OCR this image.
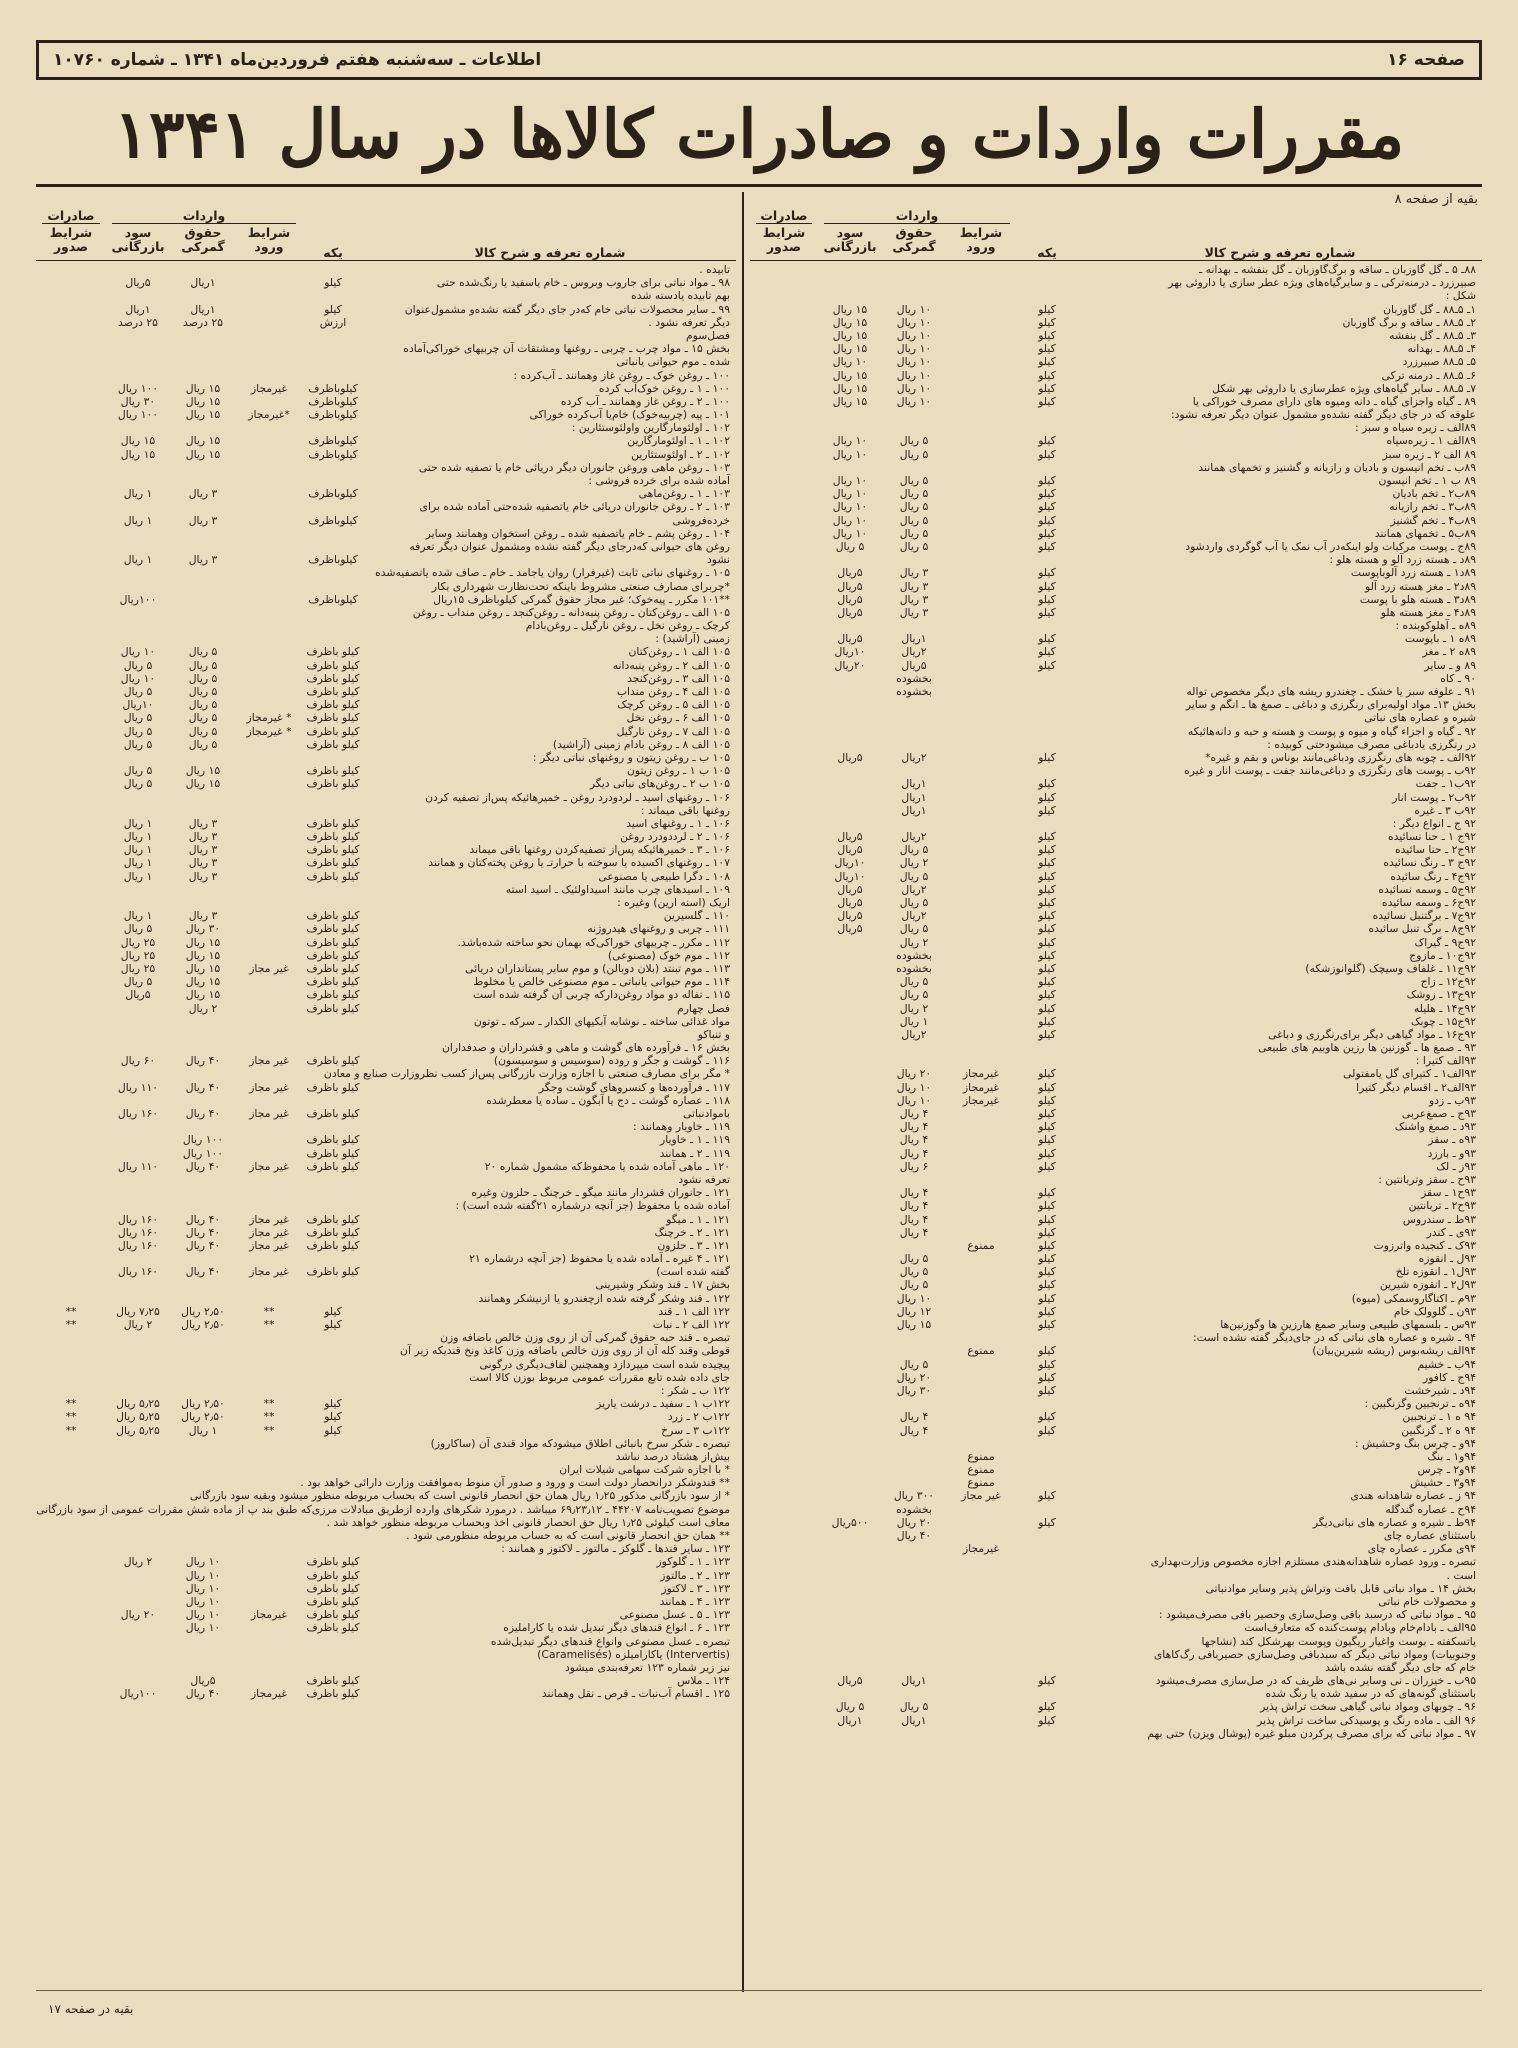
صفحه ۱۶
اطلاعات ـ سه‌شنبه هفتم فروردین‌ماه ۱۳۴۱ ـ شماره ۱۰۷۶۰
مقررات واردات و صادرات کالاها در سال ۱۳۴۱
بقیه از صفحه ۸
شماره تعرفه و شرح کالا
یکه
واردات
شرایط ورود
حقوق گمرکی
سود بازرگانی
صادرات
شرایط صدور
۸۸ـ ۵ ـ گل گاوزبان ـ ساقه و برگ‌گاوزبان ـ گل بنفشه ـ بهدانه ـ
صبیرزرد ـ درمنه‌ترکی ـ و سایرگیاه‌های ویژه عطر سازی یا داروئی بهر
شکل :
۱ـ ۵ـ۸۸ ـ گل گاوزبان
کیلو
۱۰ ریال
۱۵ ریال
۲ـ ۵ـ۸۸ ـ ساقه و برگ گاوزبان
کیلو
۱۰ ریال
۱۵ ریال
۳ـ ۵ـ۸۸ ـ گل بنفشه
کیلو
۱۰ ریال
۱۵ ریال
۴ـ ۵ـ۸۸ ـ بهدانه
کیلو
۱۰ ریال
۱۵ ریال
۵ـ ۵ـ۸۸ صبیرزرد
کیلو
۱۰ ریال
۱۰ ریال
۶ـ ۵ـ۸۸ ـ درمنه ترکی
کیلو
۱۰ ریال
۱۵ ریال
۷ـ ۵ـ۸۸ ـ سایر گیاه‌های ویژه عطرسازی یا داروئی بهر شکل
کیلو
۱۰ ریال
۱۵ ریال
۸۹ ـ گیاه واجزای گیاه ـ دانه ومیوه های دارای مصرف خوراکی یا
کیلو
۱۰ ریال
۱۵ ریال
علوفه که در جای دیگر گفته نشده‌و مشمول عنوان دیگر تعرفه نشود:
۸۹الف ـ زیره سیاه و سبز :
۸۹الف ۱ ـ زیره‌سیاه
کیلو
۵ ریال
۱۰ ریال
۸۹ الف ۲ ـ زیره سبز
کیلو
۵ ریال
۱۰ ریال
۸۹ب ـ تخم انیسون و بادیان و رازیانه و گشنیز و تخمهای همانند
۸۹ ب ۱ ـ تخم انیسون
کیلو
۵ ریال
۱۰ ریال
۸۹ب۲ ـ تخم بادیان
کیلو
۵ ریال
۱۰ ریال
۸۹ب۳ ـ تخم رازیانه
کیلو
۵ ریال
۱۰ ریال
۸۹ب۴ ـ تخم گشنیز
کیلو
۵ ریال
۱۰ ریال
۸۹ب۵ ـ تخمهای همانند
کیلو
۵ ریال
۱۰ ریال
۸۹ج ـ پوست مرکبات ولو اینکه‌در آب نمک یا آب گوگردی واردشود
کیلو
۵ ریال
۵ ریال
۸۹د ـ هسته زرد آلو و هسته هلو :
۸۹د۱ ـ هسته زرد آلوباپوست
کیلو
۳ ریال
۵ریال
۸۹د۲ ـ مغز هسته زرد آلو
کیلو
۳ ریال
۵ریال
۸۹د۳ ـ هسته هلو با پوست
کیلو
۳ ریال
۵ریال
۸۹د۴ ـ مغز هسته هلو
کیلو
۳ ریال
۵ریال
۸۹ه ـ آهلوکوبنده :
۸۹ه ۱ ـ باپوست
کیلو
۱ریال
۵ریال
۸۹ه ۲ ـ مغز
کیلو
۲ریال
۱۰ریال
۸۹ و ـ سایر
کیلو
۵ریال
۲۰ریال
۹۰ ـ کاه
بخشوده
۹۱ ـ علوفه سبز یا خشک ـ چغندرو ریشه های دیگر مخصوص تواله
بخشوده
بخش ۱۳ـ مواد اولیه‌برای رنگرزی و دباغی ـ صمغ ها ـ انگم و سایر
شیره و عصاره های نباتی
۹۲ ـ گیاه و اجزاء گیاه و میوه و پوست و هسته و حبه و دانه‌هائیکه
در رنگرزی یادباغی مصرف میشودحتی کوبیده :
۹۲الف ـ چوبه های رنگرزی ودباغی‌مانند بوناس و بقم و غیره*
کیلو
۲ریال
۵ریال
۹۲ب ـ پوست های رنگرزی و دباغی‌مانند جفت ـ پوست انار و غیره
۹۲ب۱ ـ جفت
کیلو
۱ریال
۹۲ب۲ ـ پوست انار
کیلو
۱ریال
۹۲ب ۳ ـ غیره
کیلو
۱ریال
۹۲ ج ـ انواع دیگر :
۹۲ج ۱ ـ حنا نسائیده
کیلو
۲ریال
۵ریال
۹۲ج۲ ـ حنا سائیده
کیلو
۵ ریال
۵ریال
۹۲ج ۳ ـ رنگ نسائیده
کیلو
۲ ریال
۱۰ریال
۹۲ج۴ ـ رنگ سائیده
کیلو
۵ ریال
۱۰ریال
۹۲ج۵ ـ وسمه نسائیده
کیلو
۲ریال
۵ریال
۹۲ج۶ ـ وسمه سائیده
کیلو
۵ ریال
۵ریال
۹۲ج۷ ـ برگتنبل نسائیده
کیلو
۲ریال
۵ریال
۹۲ج۸ ـ برگ تنبل سائیده
کیلو
۵ ریال
۵ریال
۹۲ج۹ ـ گیراک
کیلو
۲ ریال
۹۲ج۱۰ ـ مازوج
کیلو
بخشوده
۹۲ج۱۱ ـ غلفاف وسیچک (گلوانوزشکه)
کیلو
بخشوده
۹۲ج۱۲ ـ زاج
کیلو
۵ ریال
۹۲ج۱۳ ـ زوشک
کیلو
۵ ریال
۹۲ج۱۴ ـ هلیله
کیلو
۲ ریال
۹۲ج۱۵ ـ چوبک
کیلو
۱ ریال
۹۲ج۱۶ ـ مواد گیاهی دیگر برای‌رنگرزی و دباغی
کیلو
۲ریال
۹۳ ـ صمغ ها ـ گوزنین ها رزین هاوبیم های طبیعی
۹۳الف کتیرا :
۹۳الف۱ ـ کتیرای گل یامفتولی
کیلو
غیرمجاز
۲۰ ریال
۹۳الف۲ ـ اقسام دیگر کتیرا
کیلو
غیرمجاز
۱۰ ریال
۹۳ب ـ زدو
کیلو
غیرمجاز
۱۰ ریال
۹۳ج ـ صمغ‌عربی
کیلو
۴ ریال
۹۳د ـ صمغ واشنک
کیلو
۴ ریال
۹۳ه ـ سقز
کیلو
۴ ریال
۹۳و ـ بارزد
کیلو
۴ ریال
۹۳ز ـ لک
کیلو
۶ ریال
۹۳ح ـ سقز وتربانتین :
۹۳ح۱ ـ سقز
کیلو
۴ ریال
۹۳ح۲ ـ تربانتین
کیلو
۴ ریال
۹۳ط ـ سندروس
کیلو
۴ ریال
۹۳ی ـ کندر
کیلو
۴ ریال
۹۳ک ـ کنجیده واترزوت
کیلو
ممنوع
۹۳ل ـ انقوزه
کیلو
۵ ریال
۹۳ل۱ ـ انقوزه تلخ
کیلو
۵ ریال
۹۳ل۲ ـ انقوزه شیرین
کیلو
۵ ریال
۹۳م ـ اکتاگاروسمکی (میوه)
کیلو
۱۰ ریال
۹۳ن ـ گلوولک خام
کیلو
۱۲ ریال
۹۳س ـ بلسمهای طبیعی وسایر صمغ ها‌رزین ها وگوزنین‌ها
کیلو
۱۵ ریال
۹۴ ـ شیره و عصاره های نباتی که در جای‌دیگر گفته نشده است:
۹۴الف ریشه‌بوس (ریشه شیرین‌بیان)
کیلو
ممنوع
۹۴ب ـ خشیم
کیلو
۵ ریال
۹۴ج ـ کافور
کیلو
۲۰ ریال
۹۴د ـ شیرخشت
کیلو
۳۰ ریال
۹۴ه ـ ترنجبین وگزنگبین :
۹۴ ه ۱ ـ ترنجبین
کیلو
۴ ریال
۹۴ ه ۲ ـ گزنگبین
کیلو
۴ ریال
۹۴و ـ چرس بنگ وحشیش :
۹۴و۱ ـ بنگ
ممنوع
۹۴و۲ ـ چرس
ممنوع
۹۴و۳ ـ حشیش
ممنوع
۹۴ ز ـ عصاره شاهدانه هندی
کیلو
غیر مجاز
۳۰۰ ریال
۹۴ح ـ عصاره گندگله
بخشوده
۹۴ط ـ شیره و عصاره های نباتی‌دیگر
کیلو
۲۰ ریال
۵۰۰ریال
باستثنای عصاره چای
۴۰ ریال
۹۴ی مکرر ـ عصاره چای
غیرمجاز
تبصره ـ ورود عصاره شاهدانه‌هندی مستلزم اجازه مخصوص وزارت‌بهداری
است .
بخش ۱۴ ـ مواد نباتی قابل بافت وتراش پذیر وسایر موادنباتی
و محصولات خام نباتی
۹۵ ـ مواد نباتی که درسبد بافی وصل‌سازی وحصیر بافی مصرف‌میشود :
۹۵الف ـ بادام‌خام وبادام ‌پوست‌کنده که متعارف‌است
یاتسکفته ـ بوست واغیار ریگیون وپوست بهرشکل کند (نشاجها
وجنوبیات) ومواد نباتی دیگر که سبدبافی وصل‌سازی حصیربافی رگ‌کاهای
خام که جای دیگر گفته نشده باشد
۹۵ب ـ خیزران ـ نی وسایر نی‌های ظریف که در صل‌سازی مصرف‌میشود
کیلو
۱ریال
۵ریال
باستثنای گونه‌ها‌ی که در سفید شده یا رنگ شده
۹۶ ـ چوبهای ومواد نباتی گیاهی سخت تراش پذیر
کیلو
۵ ریال
۵ ریال
۹۶ الف ـ ماده رنگ و پوسیدکی ساخت تراش پذیر
کیلو
۱ریال
۱ریال
۹۷ ـ مواد نباتی که برای مصرف پرکردن مبلو غیره (پوشال ویزن) حتی بهم
شماره تعرفه و شرح کالا
یکه
واردات
شرایط ورود
حقوق گمرکی
سود بازرگانی
صادرات
شرایط صدور
تابیده .
۹۸ ـ مواد نباتی برای جاروب وبروس ـ خام یاسفید یا رنگ‌شده حتی
کیلو
۱ریال
۵ریال
بهم تابیده یادسته شده
۹۹ ـ سایر محصولات نباتی خام که‌در جای دیگر گفته نشده‌و مشمول‌عنوان
کیلو
۱ریال
۱ریال
دیگر تعرفه نشود .
ارزش
۲۵ درصد
۲۵ درصد
فصل‌سوم
بخش ۱۵ ـ مواد چرب ـ چربی ‌ـ روغنها ومشتقات آن چربیهای خوراکی‌آماده
شده ـ موم حیوانی یانباتی
۱۰۰ ـ روغن خوک ـ روغن غاز وهمانند ـ آب‌کرده :
۱۰۰ ـ ۱ ـ روغن خوک‌آب کرده
کیلوباظرف
غیرمجاز
۱۵ ریال
۱۰۰ ریال
۱۰۰ ـ ۲ ـ روغن غاز وهمانند ـ آب کرده
کیلوباظرف
۱۵ ریال
۳۰ ریال
۱۰۱ ـ پیه (چربیه‌خوک) خام‌یا آب‌کرده خوراکی
کیلوباظرف
*غیرمجاز
۱۵ ریال
۱۰۰ ریال
۱۰۲ ـ اولئومارگارین واولئوستئارین :
۱۰۲ ـ ۱ ـ اولئومارگارین
کیلوباظرف
۱۵ ریال
۱۵ ریال
۱۰۲ ـ ۲ ـ اولئوستئارین
کیلوباظرف
۱۵ ریال
۱۵ ریال
۱۰۳ ـ روغن ماهی وروغن جانوران دیگر دریائی خام یا تصفیه شده حتی
آماده شده برای خرده فروشی :
۱۰۳ ـ ۱ ـ روغن‌ماهی
کیلوباظرف
۳ ریال
۱ ریال
۱۰۳ ـ ۲ ـ روغن جانوران دریائی خام یاتصفیه شده‌حتی آماده شده برای
خرده‌فروشی
کیلوباظرف
۳ ریال
۱ ریال
۱۰۴ ـ روغن پشم ـ خام یاتصفیه شده ـ روغن استخوان وهمانند وسایر
روغن های حیوانی که‌درجای دیگر گفته نشده ومشمول عنوان دیگر تعرفه
نشود
کیلوباظرف
۳ ریال
۱ ریال
۱۰۵ ـ روغنهای نباتی ثابت (غیرفرار) روان یاجامد ـ خام ـ صاف شده یاتصفیه‌شده
*چربرای مصارف صنعتی مشروط باینکه تحت‌نظارت شهرداری بکار
**۱۰۱ مکرر ـ پیه‌خوک؛ غیر مجاز حقوق گمرکی کیلوباظرف ۱۵ریال
کیلوباظرف
۱۰۰ریال
۱۰۵ الف ـ روغن‌کتان ـ روغن پنبه‌دانه ـ روغن‌کنجد ـ روغن منداب ـ روغن
کرچک ـ روغن نخل ـ روغن نارگیل ـ روغن‌بادام
زمینی (آراشید) :
۱۰۵ الف ۱ ـ روغن‌کتان
کیلو باظرف
۵ ریال
۱۰ ریال
۱۰۵ الف ۲ ـ روغن پنبه‌دانه
کیلو باظرف
۵ ریال
۵ ریال
۱۰۵ الف ۳ ـ روغن‌کنجد
کیلو باظرف
۵ ریال
۱۰ ریال
۱۰۵ الف ۴ ـ روغن منداب
کیلو باظرف
۵ ریال
۵ ریال
۱۰۵ الف ۵ ـ روغن کرچک
کیلو باظرف
۵ ریال
۱۰ریال
۱۰۵ الف ۶ ـ روغن نخل
کیلو باظرف
* غیرمجاز
۵ ریال
۵ ریال
۱۰۵ الف ۷ ـ روغن نارگیل
کیلو باظرف
* غیرمجاز
۵ ریال
۵ ریال
۱۰۵ الف ۸ ـ روغن بادام زمینی (آراشید)
کیلو باظرف
۵ ریال
۵ ریال
۱۰۵ ب ـ روغن زیتون و روغنهای نباتی دیگر :
۱۰۵ ب ۱ ـ روغن زیتون
کیلو باظرف
۱۵ ریال
۵ ریال
۱۰۵ ب ۲ ـ روغن‌های نباتی دیگر
کیلو باظرف
۱۵ ریال
۵ ریال
۱۰۶ ـ روغنهای اسید ـ لردودرد روغن ـ خمیرهائیکه پس‌از تصفیه کردن
روغنها باقی میماند :
۱۰۶ ـ ۱ ـ روغنهای اسید
کیلو باظرف
۳ ریال
۱ ریال
۱۰۶ ـ ۲ ـ لرددودرد روغن
کیلو باظرف
۳ ریال
۱ ریال
۱۰۶ ـ ۳ ـ خمیرهائیکه پس‌از تصفیه‌کردن روغنها باقی میماند
کیلو باظرف
۳ ریال
۱ ریال
۱۰۷ ـ روغنهای اکسیده یا سوخته با حرارتـ یا روغن پخته‌کتان و همانند
کیلو باظرف
۳ ریال
۱ ریال
۱۰۸ ـ دگرا طبیعی یا مصنوعی
کیلو باظرف
۳ ریال
۱ ریال
۱۰۹ ـ اسیدهای چرب مانند اسیداولئیک ـ اسید استه
اریک (اسنه ارین) وغیره :
۱۱۰ ـ گلسیرین
کیلو باظرف
۳ ریال
۱ ریال
۱۱۱ ـ چربی و روغنهای هیدروژنه
کیلو باظرف
۳۰ ریال
۵ ریال
۱۱۲ ـ مکرر ـ چربیهای خوراکی‌که بهمان نحو ساخته شده‌باشد.
کیلو باظرف
۱۵ ریال
۲۵ ریال
۱۱۲ ـ موم خوک (مصنوعی)
کیلو باظرف
۱۵ ریال
۲۵ ریال
۱۱۳ ـ موم تبنتد (بلان دوبالن) و موم سایر پستانداران دریائی
کیلو باظرف
غیر مجاز
۱۵ ریال
۲۵ ریال
۱۱۴ ـ موم حیوانی یانباتی ـ موم مصنوعی خالص یا مخلوط
کیلو باظرف
۱۵ ریال
۵ ریال
۱۱۵ ـ تفاله دو مواد روغن‌دارکه چربی آن گرفته شده است
کیلو باظرف
۱۵ ریال
۵ریال
فصل چهارم
کیلو باظرف
۲ ریال
مواد غذائی ساخته ـ نوشابه آبکیهای الکدار ـ سرکه ـ توتون
و تنباکو
بخش ۱۶ ـ فرآورده‌ های گوشت و ماهی و قشرداران و صدفداران
۱۱۶ ـ گوشت و جگر و روده (سوسیس و سوسیسون)
کیلو باظرف
غیر مجاز
۴۰ ریال
۶۰ ریال
* مگر برای مصارف صنعتی با اجازه وزارت بازرگانی پس‌از کسب نظروزارت صنایع و معادن
۱۱۷ ـ فرآورده‌ها و کنسروهای گوشت وجگر
کیلو باظرف
غیر مجاز
۴۰ ریال
۱۱۰ ریال
۱۱۸ ـ عصاره گوشت ـ دج یا آبگون ـ ساده یا معطرشده
باموادنباتی
کیلو باظرف
غیر مجاز
۴۰ ریال
۱۶۰ ریال
۱۱۹ ـ خاویار وهمانند :
۱۱۹ ـ ۱ ـ خاویار
کیلو باظرف
۱۰۰ ریال
۱۱۹ ـ ۲ ـ همانند
کیلو باظرف
۱۰۰ ریال
۱۲۰ ـ ماهی آماده شده یا محفوظ‌که مشمول شماره ۲۰
کیلو باظرف
غیر مجاز
۴۰ ریال
۱۱۰ ریال
تعرفه نشود
۱۲۱ ـ جانوران قشردار مانند میگو ـ خرچنگ ـ حلزون وغیره
آماده شده یا محفوظ (جز آنچه درشماره ۲۱گفته شده است) :
۱۲۱ ـ ۱ ـ میگو
کیلو باظرف
غیر مجاز
۴۰ ریال
۱۶۰ ریال
۱۲۱ ـ ۲ ـ خرچنگ
کیلو باظرف
غیر مجاز
۴۰ ریال
۱۶۰ ریال
۱۲۱ ـ ۳ ـ حلزون
کیلو باظرف
غیر مجاز
۴۰ ریال
۱۶۰ ریال
۱۲۱ ـ ۴ غیره ـ آماده شده یا محفوظ (جز آنچه درشماره ۲۱
گفته شده است)
کیلو باظرف
غیر مجاز
۴۰ ریال
۱۶۰ ریال
بخش ۱۷ ـ قند وشکر وشیرینی
۱۲۲ ـ قند وشکر گرفته شده ازچغندرو یا ازنیشکر وهمانند
۱۲۲ الف ۱ ـ قند
کیلو
**
۲٫۵۰ ریال
۷٫۲۵ ریال
**
۱۲۲ الف ۲ ـ نبات
کیلو
**
۲٫۵۰ ریال
۲ ریال
**
تبصره ـ قند حبه حقوق گمرکی آن از روی وزن خالص باضافه وزن
قوطی وقند کله آن از روی وزن خالص باضافه وزن کاغذ ونخ قندیکه زیر آن
پیچیده شده است میپردازد وهمچنین لفاف‌دیگری درگونی
جای داده شده تابع مقررات عمومی مربوط بوزن کالا است
۱۲۲ ب ـ شکر :
۱۲۲ب ۱ ـ سفید ـ درشت یاریز
کیلو
**
۲٫۵۰ ریال
۵٫۲۵ ریال
**
۱۲۲ب ۲ ـ زرد
کیلو
**
۲٫۵۰ ریال
۵٫۲۵ ریال
**
۱۲۲ب ۳ ـ سرخ
کیلو
**
۱ ریال
۵٫۲۵ ریال
**
تبصره ـ شکر سرخ بانبائی اطلاق میشودکه مواد قندی آن (ساکاروز)
بیش‌از هشتاد درصد نباشد
* با اجازه شرکت سهامی شیلات ایران
** قندوشکر درانحصار دولت است و ورود و صدور آن منوط به‌موافقت وزارت دارائی خواهد بود .
* از سود بازرگانی مذکور ۱٫۲۵ ریال همان حق انحصار قانونی است که بحساب مربوطه منظور میشود وبقیه سود بازرگانی
موضوع تصویب‌نامه ۴۴۲۰۷ ـ ۶۹٫۲۳٫۱۲ میباشد . درمورد شکرهای وارده ازطریق مبادلات مرزی‌که طبق بند پ از ماده شش مقررات عمومی از سود بازرگانی
معاف است کیلوئی ۱٫۲۵ ریال حق انحصار قانونی اخذ وبحساب مربوطه منظور خواهد شد .
** همان حق انحصار قانونی است که به حساب مربوطه منظورمی شود .
۱۲۳ ـ سایر قندها ـ گلوکز ـ مالتوز ـ لاکتوز و همانند :
۱۲۳ ـ ۱ ـ گلوکوز
کیلو باظرف
۱۰ ریال
۲ ریال
۱۲۳ ـ ۲ ـ مالتوز
کیلو باظرف
۱۰ ریال
۱۲۳ ـ ۳ ـ لاکتوز
کیلو باظرف
۱۰ ریال
۱۲۳ ـ ۴ ـ همانند
کیلو باظرف
۱۰ ریال
۱۲۳ ـ ۵ ـ عسل مصنوعی
کیلو باظرف
غیرمجاز
۱۰ ریال
۲۰ ریال
۱۲۳ ـ ۶ ـ انواع قندهای دیگر تبدیل شده یا کاراملیزه
کیلو باظرف
۱۰ ریال
تبصره ـ عسل مصنوعی وانواع قندهای دیگر تبدیل‌شده
(Intervertis) یاکارامیلزه (Caramelisés)
نیز زیر شماره ۱۲۳ تعرفه‌بندی میشود
۱۲۴ ـ ملاس
کیلو باظرف
۵ریال
۱۲۵ ـ اقسام آب‌نبات ـ قرص ـ نقل وهمانند
کیلو باظرف
غیرمجاز
۴۰ ریال
۱۰۰ریال
بقیه در صفحه ۱۷
